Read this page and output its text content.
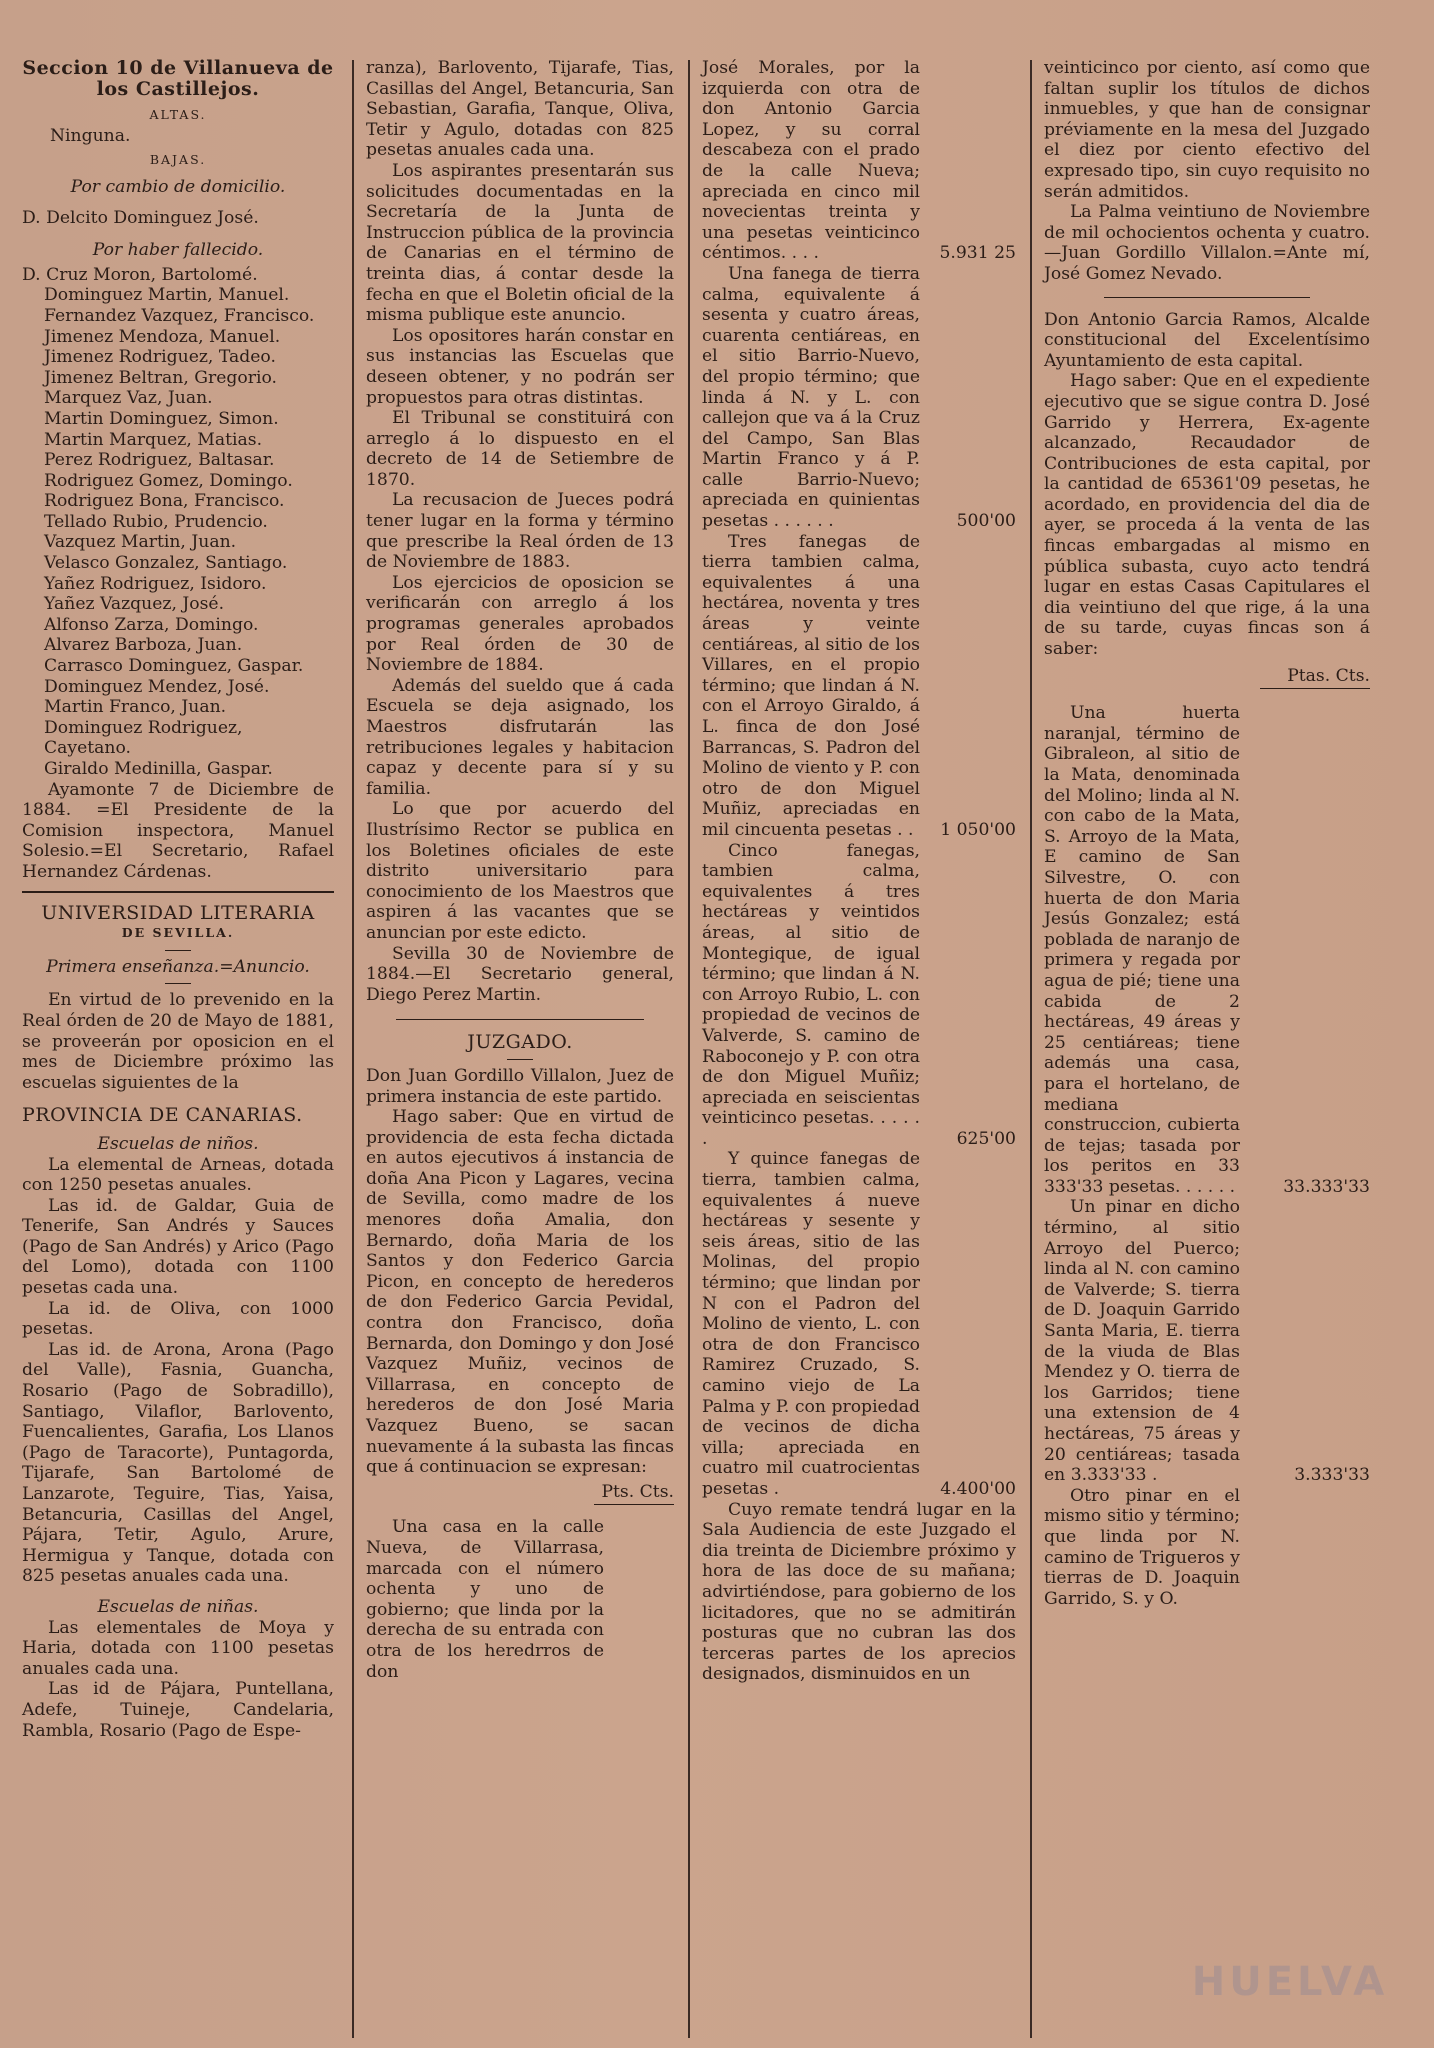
Seccion 10 de Villanueva de los Castillejos.

ALTAS.

Ninguna.

BAJAS.

Por cambio de domicilio.

D. Delcito Dominguez José.

Por haber fallecido.

D. Cruz Moron, Bartolomé.

Dominguez Martin, Manuel.

Fernandez Vazquez, Francisco.

Jimenez Mendoza, Manuel.

Jimenez Rodriguez, Tadeo.

Jimenez Beltran, Gregorio.

Marquez Vaz, Juan.

Martin Dominguez, Simon.

Martin Marquez, Matias.

Perez Rodriguez, Baltasar.

Rodriguez Gomez, Domingo.

Rodriguez Bona, Francisco.

Tellado Rubio, Prudencio.

Vazquez Martin, Juan.

Velasco Gonzalez, Santiago.

Yañez Rodriguez, Isidoro.

Yañez Vazquez, José.

Alfonso Zarza, Domingo.

Alvarez Barboza, Juan.

Carrasco Dominguez, Gaspar.

Dominguez Mendez, José.

Martin Franco, Juan.

Dominguez Rodriguez, Cayetano.

Giraldo Medinilla, Gaspar.

Ayamonte 7 de Diciembre de 1884. =El Presidente de la Comision inspectora, Manuel Solesio.=El Secretario, Rafael Hernandez Cárdenas.

UNIVERSIDAD LITERARIA

DE SEVILLA.

Primera enseñanza.=Anuncio.

En virtud de lo prevenido en la Real órden de 20 de Mayo de 1881, se proveerán por oposicion en el mes de Diciembre próximo las escuelas siguientes de la

PROVINCIA DE CANARIAS.

Escuelas de niños.

La elemental de Arneas, dotada con 1250 pesetas anuales.

Las id. de Galdar, Guia de Tenerife, San Andrés y Sauces (Pago de San Andrés) y Arico (Pago del Lomo), dotada con 1100 pesetas cada una.

La id. de Oliva, con 1000 pesetas.

Las id. de Arona, Arona (Pago del Valle), Fasnia, Guancha, Rosario (Pago de Sobradillo), Santiago, Vilaflor, Barlovento, Fuencalientes, Garafia, Los Llanos (Pago de Taracorte), Puntagorda, Tijarafe, San Bartolomé de Lanzarote, Teguire, Tias, Yaisa, Betancuria, Casillas del Angel, Pájara, Tetir, Agulo, Arure, Hermigua y Tanque, dotada con 825 pesetas anuales cada una.

Escuelas de niñas.

Las elementales de Moya y Haria, dotada con 1100 pesetas anuales cada una.

Las id de Pájara, Puntellana, Adefe, Tuineje, Candelaria, Rambla, Rosario (Pago de Espe-

ranza), Barlovento, Tijarafe, Tias, Casillas del Angel, Betancuria, San Sebastian, Garafia, Tanque, Oliva, Tetir y Agulo, dotadas con 825 pesetas anuales cada una.

Los aspirantes presentarán sus solicitudes documentadas en la Secretaría de la Junta de Instruccion pública de la provincia de Canarias en el término de treinta dias, á contar desde la fecha en que el Boletin oficial de la misma publique este anuncio.

Los opositores harán constar en sus instancias las Escuelas que deseen obtener, y no podrán ser propuestos para otras distintas.

El Tribunal se constituirá con arreglo á lo dispuesto en el decreto de 14 de Setiembre de 1870.

La recusacion de Jueces podrá tener lugar en la forma y término que prescribe la Real órden de 13 de Noviembre de 1883.

Los ejercicios de oposicion se verificarán con arreglo á los programas generales aprobados por Real órden de 30 de Noviembre de 1884.

Además del sueldo que á cada Escuela se deja asignado, los Maestros disfrutarán las retribuciones legales y habitacion capaz y decente para sí y su familia.

Lo que por acuerdo del Ilustrísimo Rector se publica en los Boletines oficiales de este distrito universitario para conocimiento de los Maestros que aspiren á las vacantes que se anuncian por este edicto.

Sevilla 30 de Noviembre de 1884.—El Secretario general, Diego Perez Martin.

JUZGADO.

Don Juan Gordillo Villalon, Juez de primera instancia de este partido.

Hago saber: Que en virtud de providencia de esta fecha dictada en autos ejecutivos á instancia de doña Ana Picon y Lagares, vecina de Sevilla, como madre de los menores doña Amalia, don Bernardo, doña Maria de los Santos y don Federico Garcia Picon, en concepto de herederos de don Federico Garcia Pevidal, contra don Francisco, doña Bernarda, don Domingo y don José Vazquez Muñiz, vecinos de Villarrasa, en concepto de herederos de don José Maria Vazquez Bueno, se sacan nuevamente á la subasta las fincas que á continuacion se expresan:

Pts. Cts.

Una casa en la calle Nueva, de Villarrasa, marcada con el número ochenta y uno de gobierno; que linda por la derecha de su entrada con otra de los heredrros de don

José Morales, por la izquierda con otra de don Antonio Garcia Lopez, y su corral descabeza con el prado de la calle Nueva; apreciada en cinco mil novecientas treinta y una pesetas veinticinco céntimos. . . .	5.931 25

Una fanega de tierra calma, equivalente á sesenta y cuatro áreas, cuarenta centiáreas, en el sitio Barrio-Nuevo, del propio término; que linda á N. y L. con callejon que va á la Cruz del Campo, San Blas Martin Franco y á P. calle Barrio-Nuevo; apreciada en quinientas pesetas . . . . . .	500'00

Tres fanegas de tierra tambien calma, equivalentes á una hectárea, noventa y tres áreas y veinte centiáreas, al sitio de los Villares, en el propio término; que lindan á N. con el Arroyo Giraldo, á L. finca de don José Barrancas, S. Padron del Molino de viento y P. con otro de don Miguel Muñiz, apreciadas en mil cincuenta pesetas . .	1 050'00

Cinco fanegas, tambien calma, equivalentes á tres hectáreas y veintidos áreas, al sitio de Montegique, de igual término; que lindan á N. con Arroyo Rubio, L. con propiedad de vecinos de Valverde, S. camino de Raboconejo y P. con otra de don Miguel Muñiz; apreciada en seiscientas veinticinco pesetas. . . . . .	625'00

Y quince fanegas de tierra, tambien calma, equivalentes á nueve hectáreas y sesente y seis áreas, sitio de las Molinas, del propio término; que lindan por N con el Padron del Molino de viento, L. con otra de don Francisco Ramirez Cruzado, S. camino viejo de La Palma y P. con propiedad de vecinos de dicha villa; apreciada en cuatro mil cuatrocientas pesetas .	4.400'00

Cuyo remate tendrá lugar en la Sala Audiencia de este Juzgado el dia treinta de Diciembre próximo y hora de las doce de su mañana; advirtiéndose, para gobierno de los licitadores, que no se admitirán posturas que no cubran las dos terceras partes de los aprecios designados, disminuidos en un

veinticinco por ciento, así como que faltan suplir los títulos de dichos inmuebles, y que han de consignar préviamente en la mesa del Juzgado el diez por ciento efectivo del expresado tipo, sin cuyo requisito no serán admitidos.

La Palma veintiuno de Noviembre de mil ochocientos ochenta y cuatro. —Juan Gordillo Villalon.=Ante mí, José Gomez Nevado.

Don Antonio Garcia Ramos, Alcalde constitucional del Excelentísimo Ayuntamiento de esta capital.

Hago saber: Que en el expediente ejecutivo que se sigue contra D. José Garrido y Herrera, Ex-agente alcanzado, Recaudador de Contribuciones de esta capital, por la cantidad de 65361'09 pesetas, he acordado, en providencia del dia de ayer, se proceda á la venta de las fincas embargadas al mismo en pública subasta, cuyo acto tendrá lugar en estas Casas Capitulares el dia veintiuno del que rige, á la una de su tarde, cuyas fincas son á saber:

Ptas. Cts.

Una huerta naranjal, término de Gibraleon, al sitio de la Mata, denominada del Molino; linda al N. con cabo de la Mata, S. Arroyo de la Mata, E camino de San Silvestre, O. con huerta de don Maria Jesús Gonzalez; está poblada de naranjo de primera y regada por agua de pié; tiene una cabida de 2 hectáreas, 49 áreas y 25 centiáreas; tiene además una casa, para el hortelano, de mediana construccion, cubierta de tejas; tasada por los peritos en 33 333'33 pesetas. . . . . .	33.333'33

Un pinar en dicho término, al sitio Arroyo del Puerco; linda al N. con camino de Valverde; S. tierra de D. Joaquin Garrido Santa Maria, E. tierra de la viuda de Blas Mendez y O. tierra de los Garridos; tiene una extension de 4 hectáreas, 75 áreas y 20 centiáreas; tasada en 3.333'33 .	3.333'33

Otro pinar en el mismo sitio y término; que linda por N. camino de Trigueros y tierras de D. Joaquin Garrido, S. y O.

HUELVA
